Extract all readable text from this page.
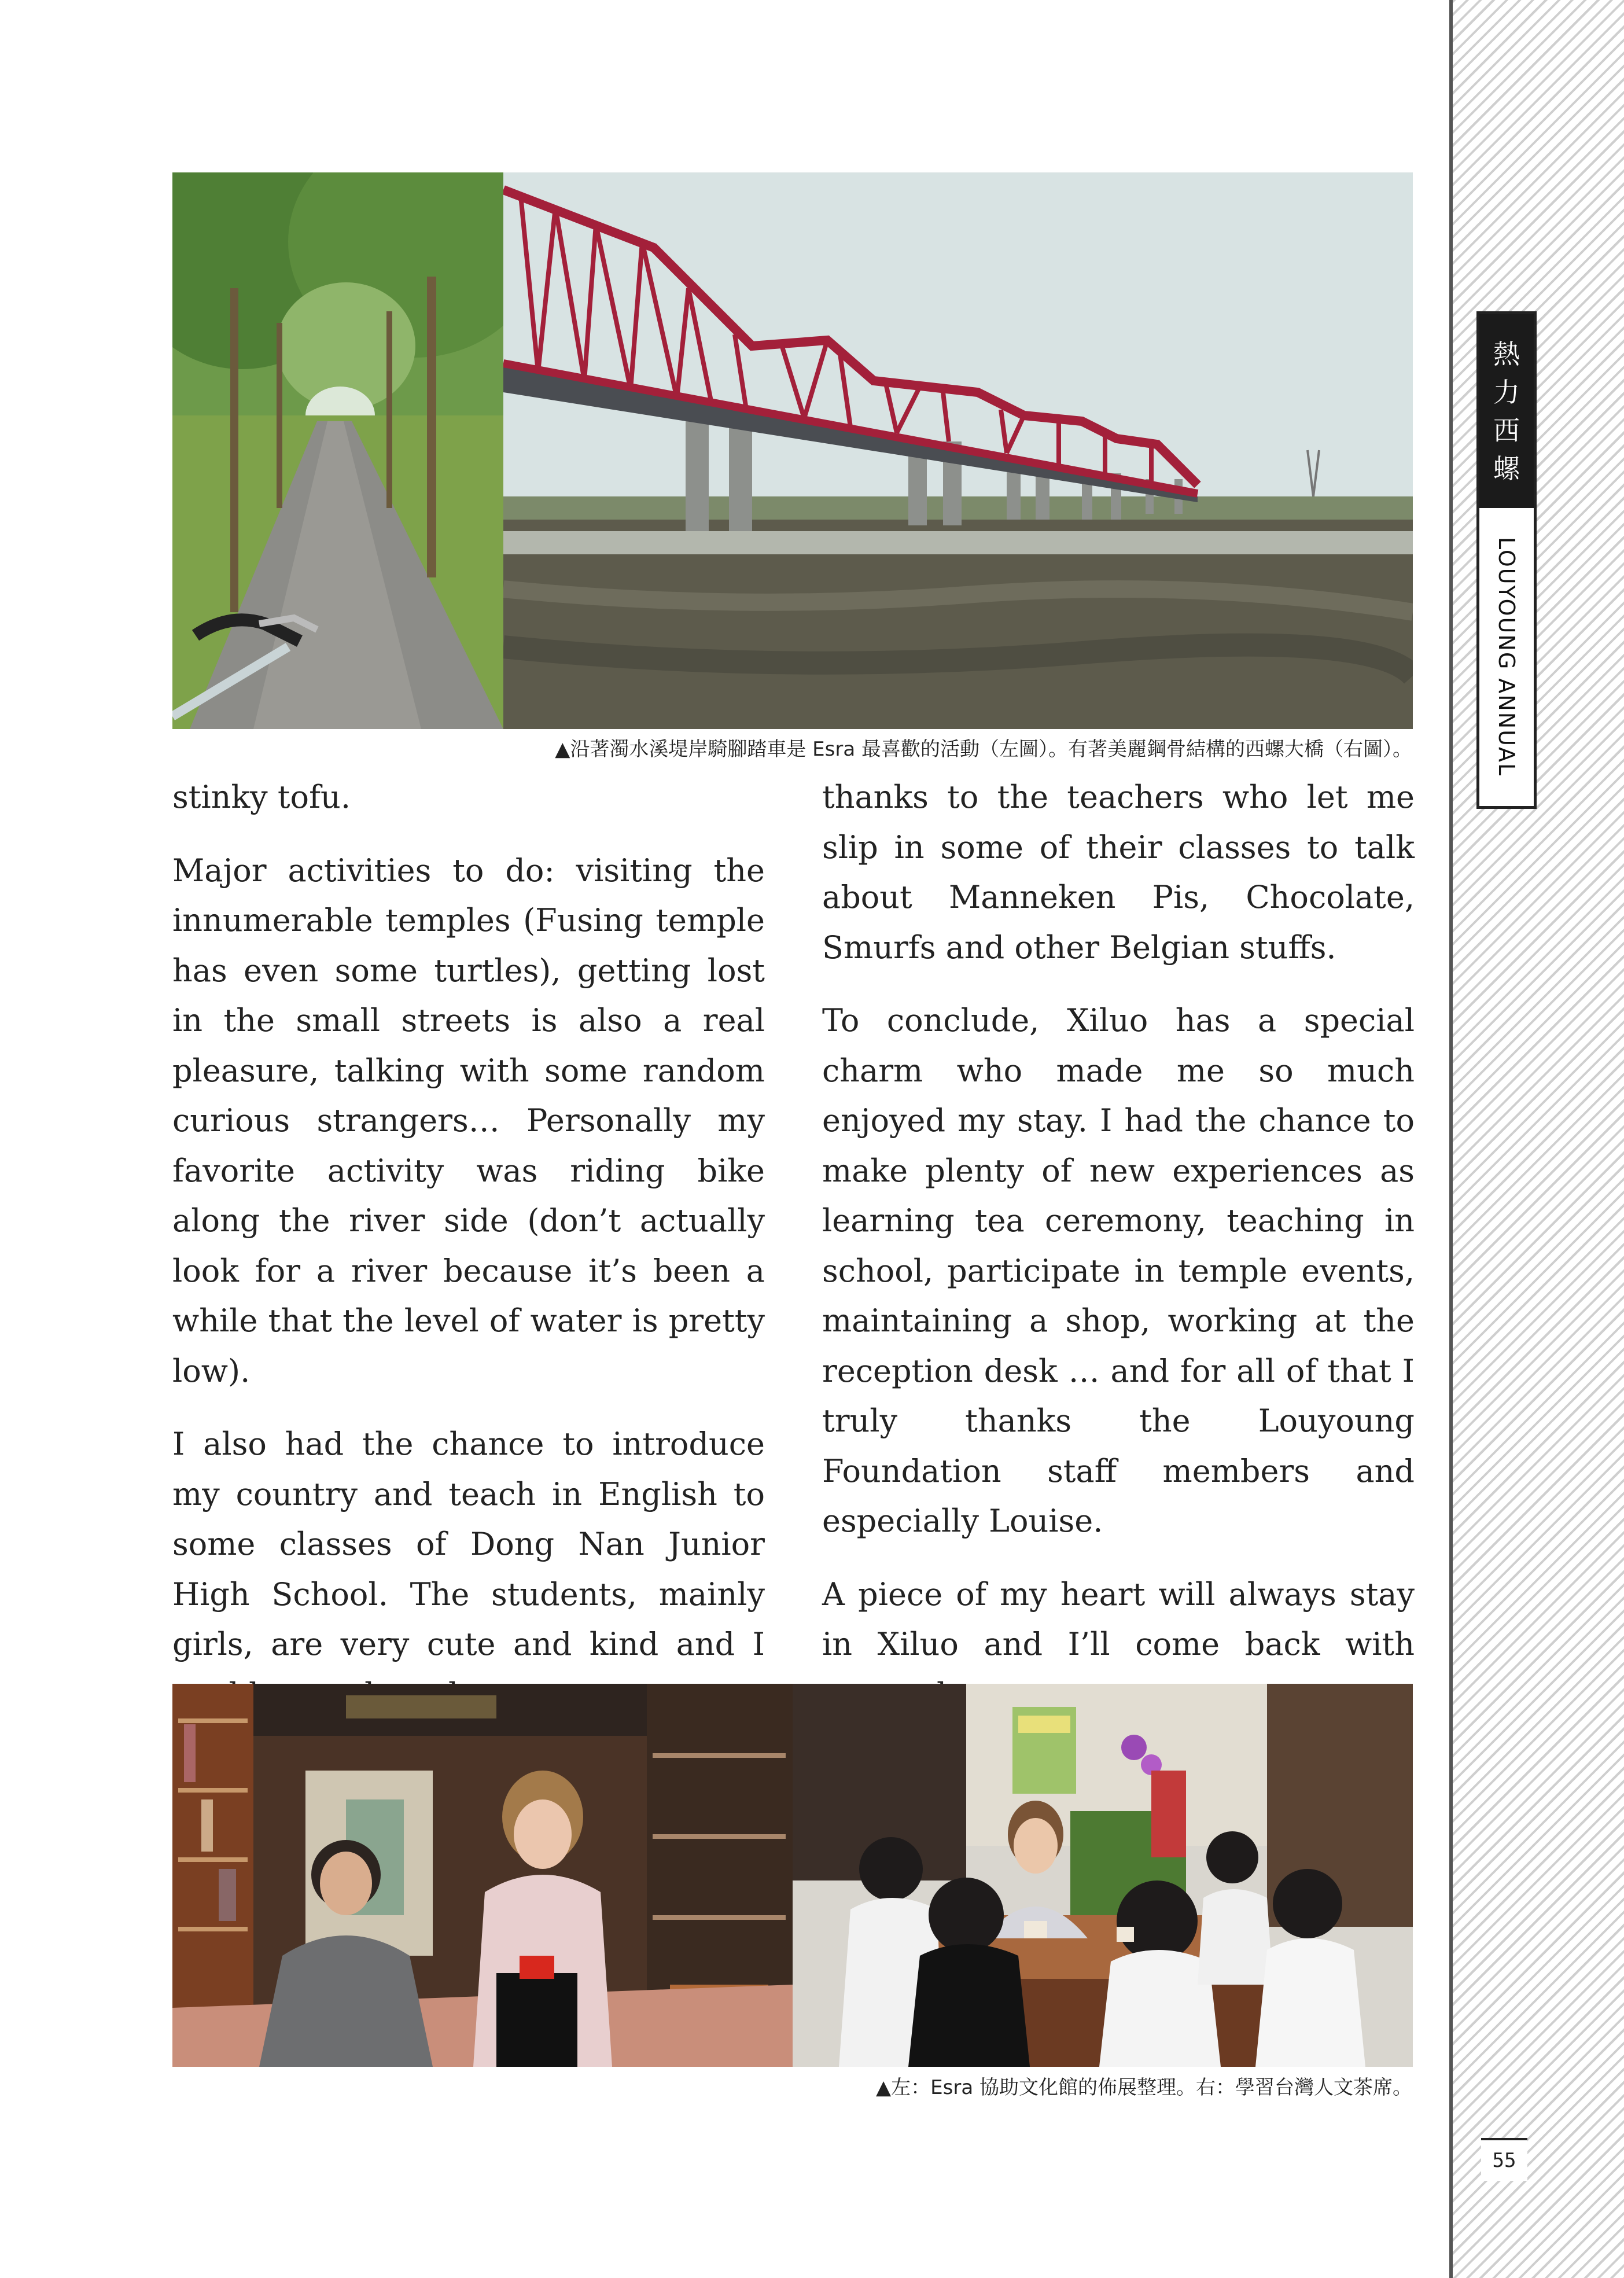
熱
力
西
螺
LOUYOUNG ANNUAL
55
▲沿著濁水溪堤岸騎腳踏車是 Esra 最喜歡的活動（左圖）。有著美麗鋼骨結構的西螺大橋（右圖）。

stinky tofu.

Major activities to do: visiting the innumerable temples (Fusing temple has even some turtles), getting lost in the small streets is also a real pleasure, talking with some random curious strangers… Personally my favorite activity was riding bike along the river side (don’t actually look for a river because it’s been a while that the level of water is pretty low).

I also had the chance to introduce my country and teach in English to some classes of Dong Nan Junior High School. The students, mainly girls, are very cute and kind and I

thanks to the teachers who let me slip in some of their classes to talk about Manneken Pis, Chocolate, Smurfs and other Belgian stuffs.

To conclude, Xiluo has a special charm who made me so much enjoyed my stay. I had the chance to make plenty of new experiences as learning tea ceremony, teaching in school, participate in temple events, maintaining a shop, working at the reception desk … and for all of that I truly thanks the Louyoung Foundation staff members and especially Louise.

A piece of my heart will always stay in Xiluo and I’ll come back with

▲左：Esra 協助文化館的佈展整理。右：學習台灣人文茶席。
